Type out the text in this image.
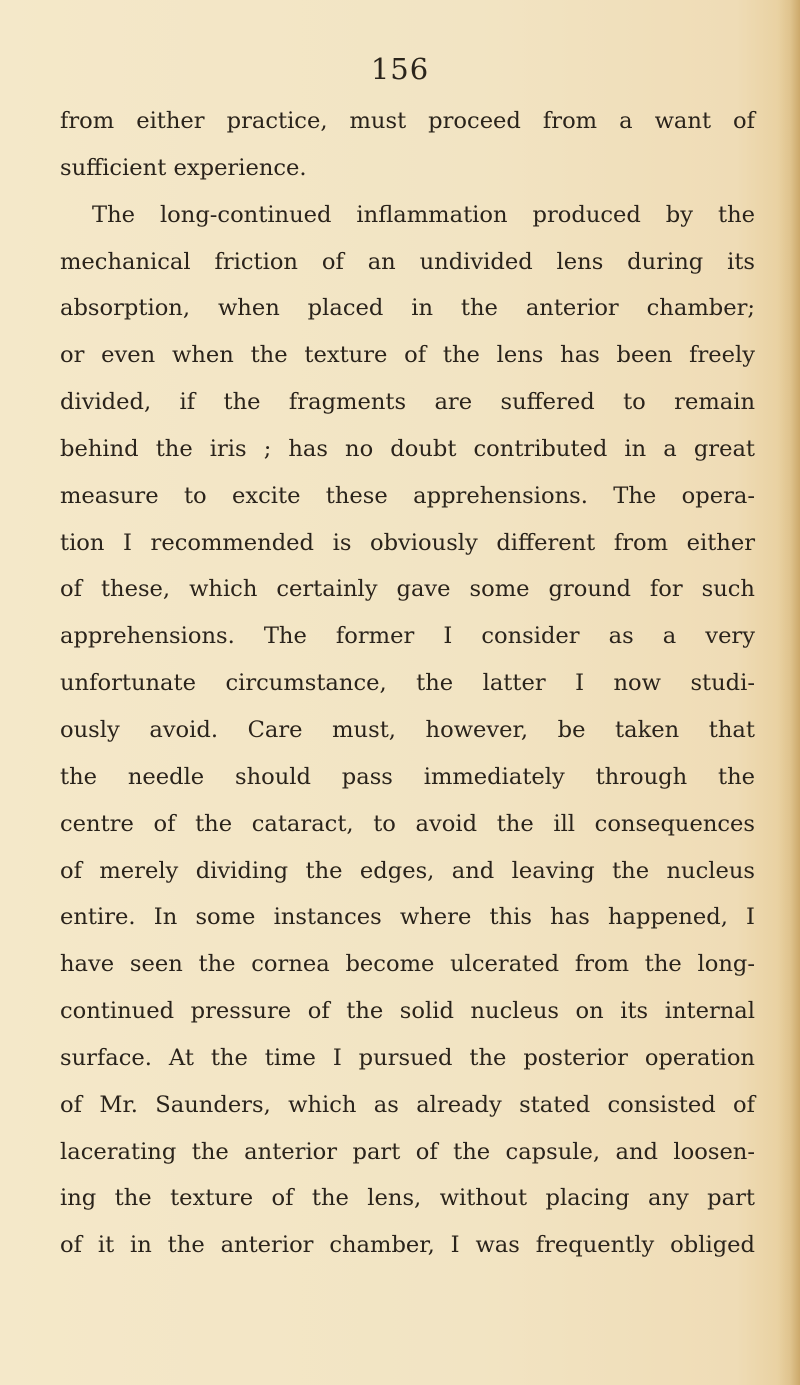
156
from either practice, must proceed from a want of
sufficient experience.
The long-continued inflammation produced by the
mechanical friction of an undivided lens during its
absorption, when placed in the anterior chamber;
or even when the texture of the lens has been freely
divided, if the fragments are suffered to remain
behind the iris ; has no doubt contributed in a great
measure to excite these apprehensions. The opera-
tion I recommended is obviously different from either
of these, which certainly gave some ground for such
apprehensions. The former I consider as a very
unfortunate circumstance, the latter I now studi-
ously avoid. Care must, however, be taken that
the needle should pass immediately through the
centre of the cataract, to avoid the ill consequences
of merely dividing the edges, and leaving the nucleus
entire. In some instances where this has happened, I
have seen the cornea become ulcerated from the long-
continued pressure of the solid nucleus on its internal
surface. At the time I pursued the posterior operation
of Mr. Saunders, which as already stated consisted of
lacerating the anterior part of the capsule, and loosen-
ing the texture of the lens, without placing any part
of it in the anterior chamber, I was frequently obliged
